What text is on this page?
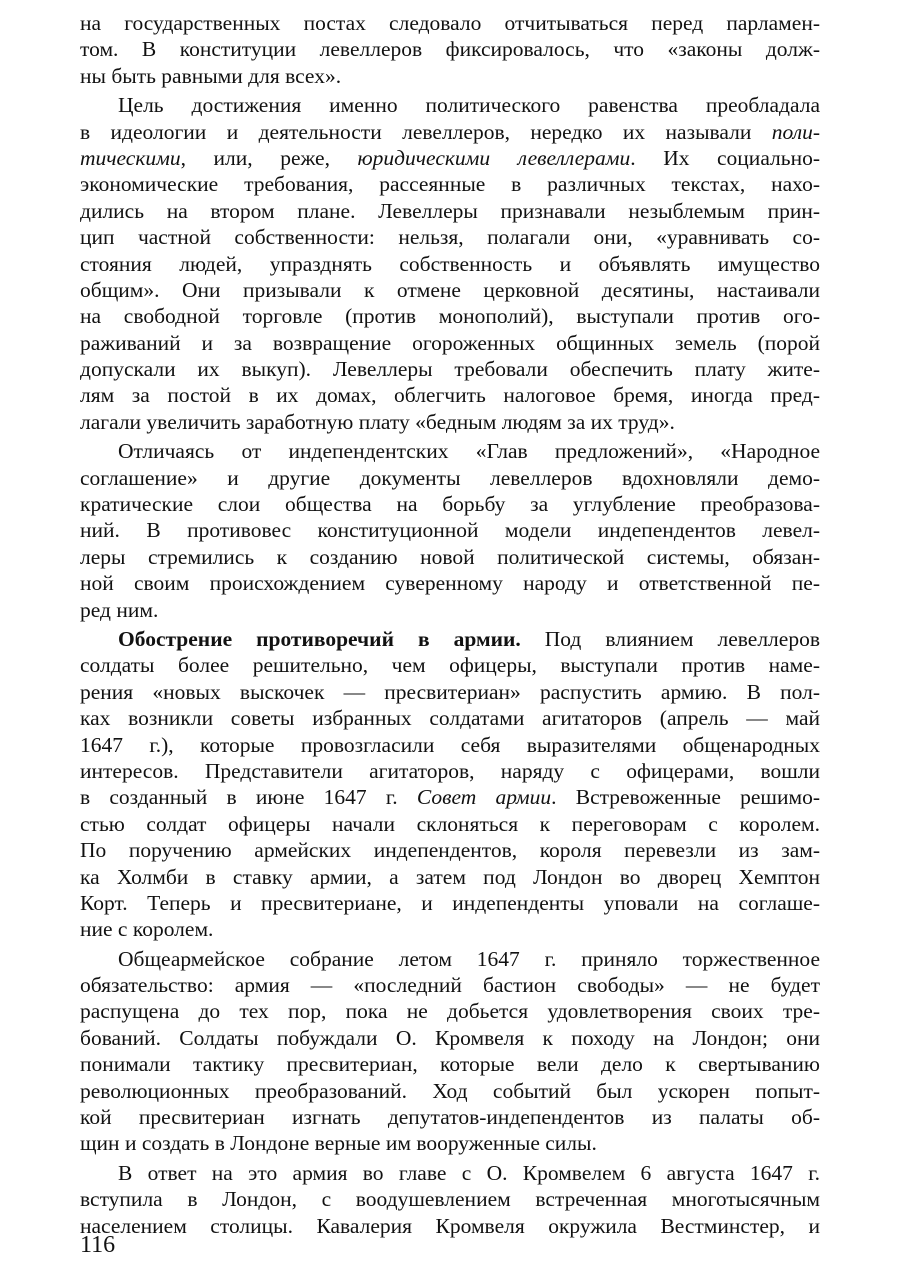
на государственных постах следовало отчитываться перед парламен-
том. В конституции левеллеров фиксировалось, что «законы долж-
ны быть равными для всех».
Цель достижения именно политического равенства преобладала
в идеологии и деятельности левеллеров, нередко их называли поли-
тическими, или, реже, юридическими левеллерами. Их социально-
экономические требования, рассеянные в различных текстах, нахо-
дились на втором плане. Левеллеры признавали незыблемым прин-
цип частной собственности: нельзя, полагали они, «уравнивать со-
стояния людей, упразднять собственность и объявлять имущество
общим». Они призывали к отмене церковной десятины, настаивали
на свободной торговле (против монополий), выступали против ого-
раживаний и за возвращение огороженных общинных земель (порой
допускали их выкуп). Левеллеры требовали обеспечить плату жите-
лям за постой в их домах, облегчить налоговое бремя, иногда пред-
лагали увеличить заработную плату «бедным людям за их труд».
Отличаясь от индепендентских «Глав предложений», «Народное
соглашение» и другие документы левеллеров вдохновляли демо-
кратические слои общества на борьбу за углубление преобразова-
ний. В противовес конституционной модели индепендентов левел-
леры стремились к созданию новой политической системы, обязан-
ной своим происхождением суверенному народу и ответственной пе-
ред ним.
Обострение противоречий в армии. Под влиянием левеллеров
солдаты более решительно, чем офицеры, выступали против наме-
рения «новых выскочек — пресвитериан» распустить армию. В пол-
ках возникли советы избранных солдатами агитаторов (апрель — май
1647 г.), которые провозгласили себя выразителями общенародных
интересов. Представители агитаторов, наряду с офицерами, вошли
в созданный в июне 1647 г. Совет армии. Встревоженные решимо-
стью солдат офицеры начали склоняться к переговорам с королем.
По поручению армейских индепендентов, короля перевезли из зам-
ка Холмби в ставку армии, а затем под Лондон во дворец Хемптон
Корт. Теперь и пресвитериане, и индепенденты уповали на соглаше-
ние с королем.
Общеармейское собрание летом 1647 г. приняло торжественное
обязательство: армия — «последний бастион свободы» — не будет
распущена до тех пор, пока не добьется удовлетворения своих тре-
бований. Солдаты побуждали О. Кромвеля к походу на Лондон; они
понимали тактику пресвитериан, которые вели дело к свертыванию
революционных преобразований. Ход событий был ускорен попыт-
кой пресвитериан изгнать депутатов-индепендентов из палаты об-
щин и создать в Лондоне верные им вооруженные силы.
В ответ на это армия во главе с О. Кромвелем 6 августа 1647 г.
вступила в Лондон, с воодушевлением встреченная многотысячным
населением столицы. Кавалерия Кромвеля окружила Вестминстер, и
116
